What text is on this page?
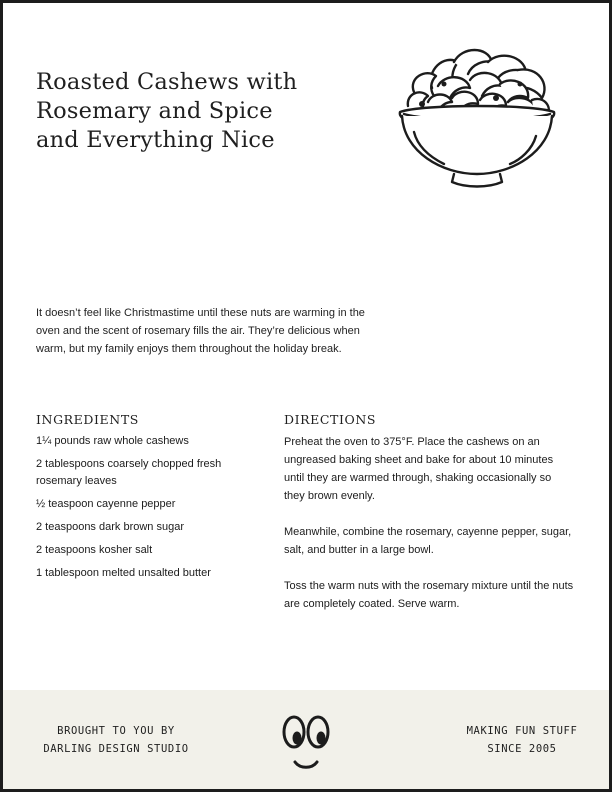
Roasted Cashews with
Rosemary and Spice
and Everything Nice

It doesn’t feel like Christmastime until these nuts are warming in the oven and the scent of rosemary fills the air. They’re delicious when warm, but my family enjoys them throughout the holiday break.

INGREDIENTS
1¼ pounds raw whole cashews
2 tablespoons coarsely chopped fresh rosemary leaves
½ teaspoon cayenne pepper
2 teaspoons dark brown sugar
2 teaspoons kosher salt
1 tablespoon melted unsalted butter
DIRECTIONS

Preheat the oven to 375°F. Place the cashews on an ungreased baking sheet and bake for about 10 minutes until they are warmed through, shaking occasionally so they brown evenly.

Meanwhile, combine the rosemary, cayenne pepper, sugar, salt, and butter in a large bowl.

Toss the warm nuts with the rosemary mixture until the nuts are completely coated. Serve warm.

BROUGHT TO YOU BY
DARLING DESIGN STUDIO
MAKING FUN STUFF
SINCE 2005
